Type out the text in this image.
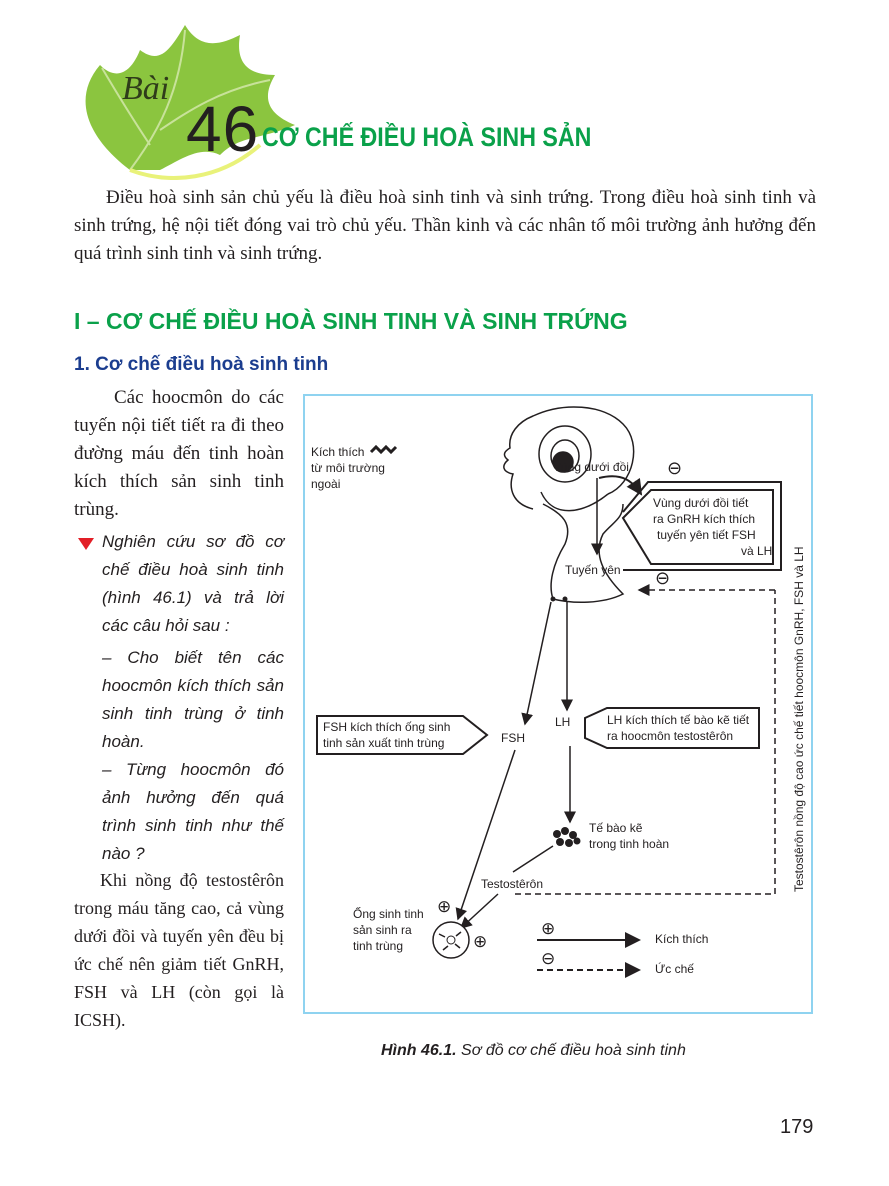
Bài
46 CƠ CHẾ ĐIỀU HOÀ SINH SẢN
Điều hoà sinh sản chủ yếu là điều hoà sinh tinh và sinh trứng. Trong điều hoà sinh tinh và sinh trứng, hệ nội tiết đóng vai trò chủ yếu. Thần kinh và các nhân tố môi trường ảnh hưởng đến quá trình sinh tinh và sinh trứng.
I – CƠ CHẾ ĐIỀU HOÀ SINH TINH VÀ SINH TRỨNG
1. Cơ chế điều hoà sinh tinh
Các hoocmôn do các tuyến nội tiết tiết ra đi theo đường máu đến tinh hoàn kích thích sản sinh tinh trùng.
Nghiên cứu sơ đồ cơ chế điều hoà sinh tinh (hình 46.1) và trả lời các câu hỏi sau :
– Cho biết tên các hoocmôn kích thích sản sinh tinh trùng ở tinh hoàn.
– Từng hoocmôn đó ảnh hưởng đến quá trình sinh tinh như thế nào ?
Khi nồng độ testostêrôn trong máu tăng cao, cả vùng dưới đồi và tuyến yên đều bị ức chế nên giảm tiết GnRH, FSH và LH (còn gọi là ICSH).
Kích thích
từ môi trường
ngoài
Vùng dưới đồi ⊖
Tuyến yên
Vùng dưới đồi tiết
ra GnRH kích thích
tuyến yên tiết FSH
và LH
⊖	Testostêrôn nồng độ cao ức chế tiết hoocmôn GnRH, FSH và LH
FSH
LH
FSH kích thích ống sinh
tinh sản xuất tinh trùng
LH kích thích tế bào kẽ tiết
ra hoocmôn testostêrôn
Tế bào kẽ
trong tinh hoàn
Testostêrôn
Ống sinh tinh
sản sinh ra
tinh trùng
⊕
⊕
⊕	Kích thích
⊖	Ức chế
Hình 46.1. Sơ đồ cơ chế điều hoà sinh tinh
179
